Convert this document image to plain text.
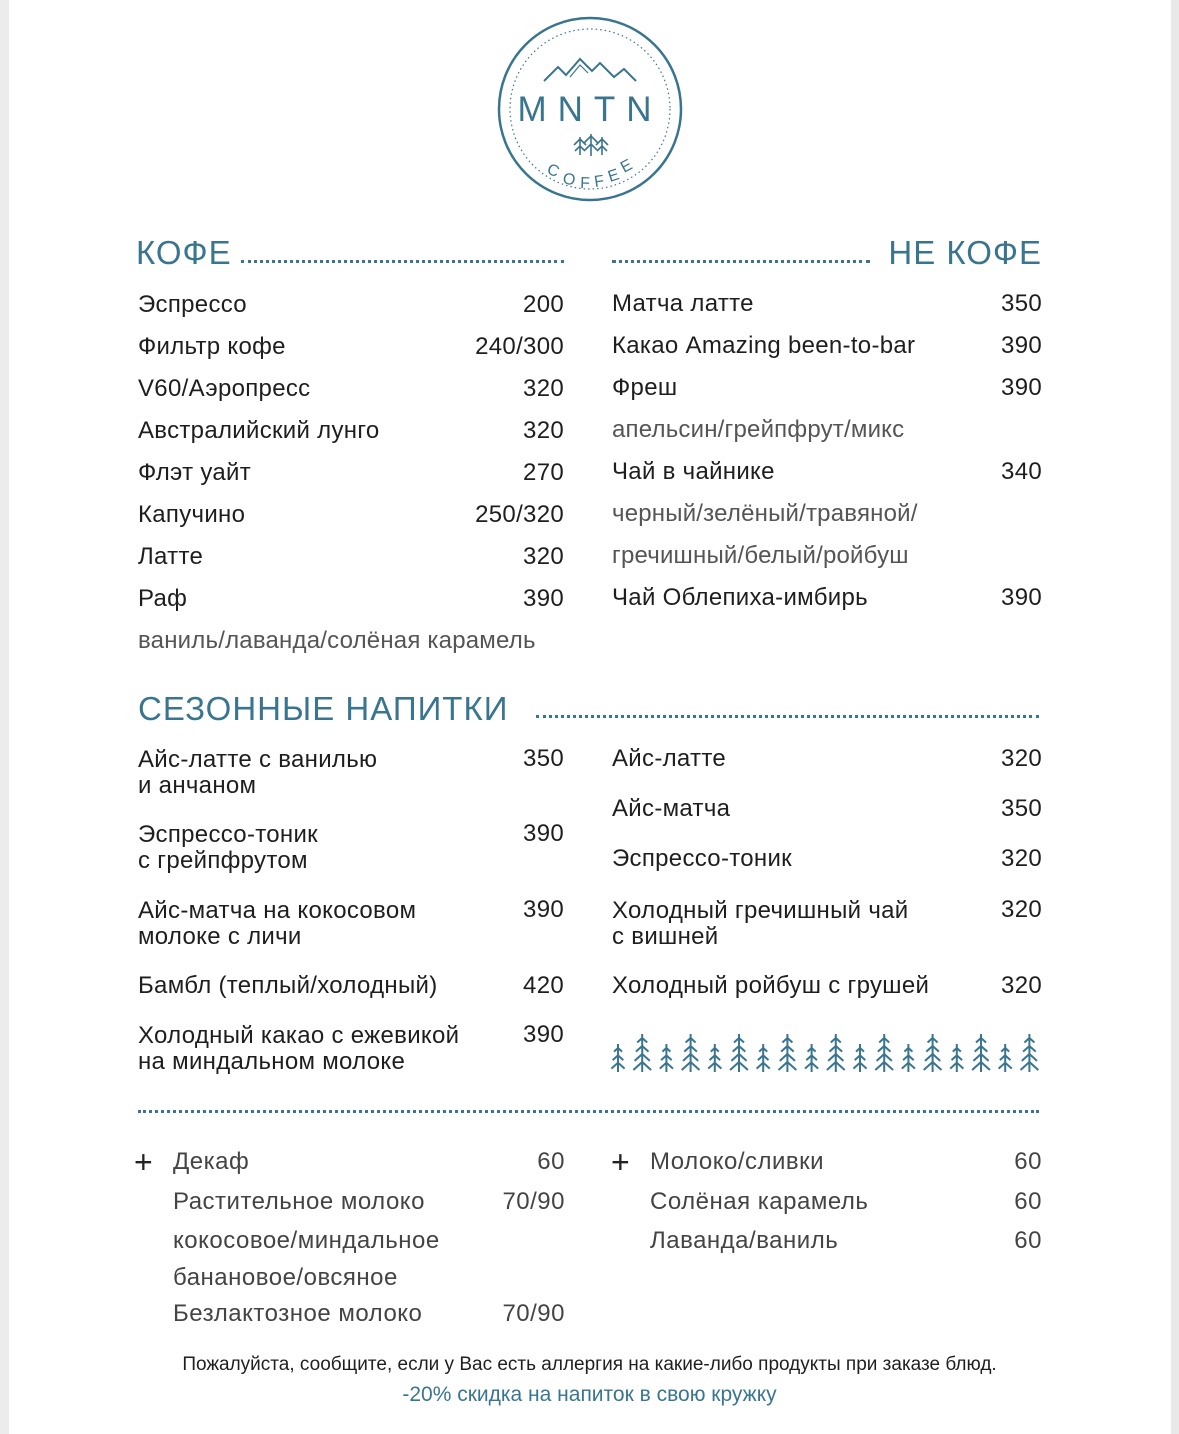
MNTN
C O F F E
E
КОФЕ
Эспрессо	200
Фильтр кофе	240/300
V60/Аэропресс	320
Австралийский лунго	320
Флэт уайт	270
Капучино	250/320
Латте	320
Раф	390
ваниль/лаванда/солёная карамель
НЕ КОФЕ
Матча латте	350
Какао Amazing been-to-bar	390
Фреш	390
апельсин/грейпфрут/микс
Чай в чайнике	340
черный/зелёный/травяной/
гречишный/белый/ройбуш
Чай Облепиха-имбирь	390
СЕЗОННЫЕ НАПИТКИ
Айс-латте с ванилью
и анчаном
350
Эспрессо-тоник
с грейпфрутом
390
Айс-матча на кокосовом
молоке с личи
390
Бамбл (теплый/холодный)	420
Холодный какао с ежевикой
на миндальном молоке
390
Айс-латте	320
Айс-матча	350
Эспрессо-тоник	320
Холодный гречишный чай
с вишней
320
Холодный ройбуш с грушей	320
+ Декаф	60
Растительное молоко	70/90
кокосовое/миндальное
банановое/овсяное
Безлактозное молоко	70/90
+ Молоко/сливки	60
Солёная карамель	60
Лаванда/ваниль	60
Пожалуйста, сообщите, если у Вас есть аллергия на какие-либо продукты при заказе блюд.
-20% скидка на напиток в свою кружку
